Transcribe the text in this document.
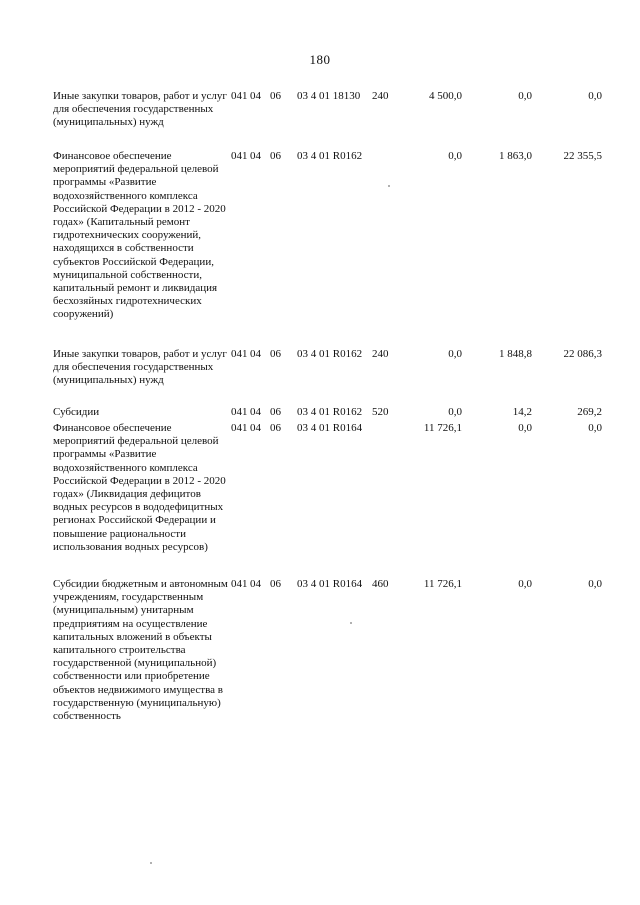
180
Иные закупки товаров, работ и услуг для обеспечения государственных (муниципальных) нужд
041 04 06 03 4 01 18130 240	4 500,0	0,0	0,0
Финансовое обеспечение мероприятий федеральной целевой программы «Развитие водохозяйственного комплекса Российской Федерации в 2012 - 2020 годах» (Капитальный ремонт гидротехнических сооружений, находящихся в собственности субъектов Российской Федерации, муниципальной собственности, капитальный ремонт и ликвидация бесхозяйных гидротехнических сооружений)
041 04 06 03 4 01 R0162	0,0	1 863,0	22 355,5
Иные закупки товаров, работ и услуг для обеспечения государственных (муниципальных) нужд
041 04 06 03 4 01 R0162 240	0,0	1 848,8	22 086,3
Субсидии	041 04 06 03 4 01 R0162 520	0,0	14,2	269,2
Финансовое обеспечение мероприятий федеральной целевой программы «Развитие водохозяйственного комплекса Российской Федерации в 2012 - 2020 годах» (Ликвидация дефицитов водных ресурсов в вододефицитных регионах Российской Федерации и повышение рациональности использования водных ресурсов)
041 04 06 03 4 01 R0164	11 726,1	0,0	0,0
Субсидии бюджетным и автономным учреждениям, государственным (муниципальным) унитарным предприятиям на осуществление капитальных вложений в объекты капитального строительства государственной (муниципальной) собственности или приобретение объектов недвижимого имущества в государственную (муниципальную) собственность
041 04 06 03 4 01 R0164 460	11 726,1	0,0	0,0
